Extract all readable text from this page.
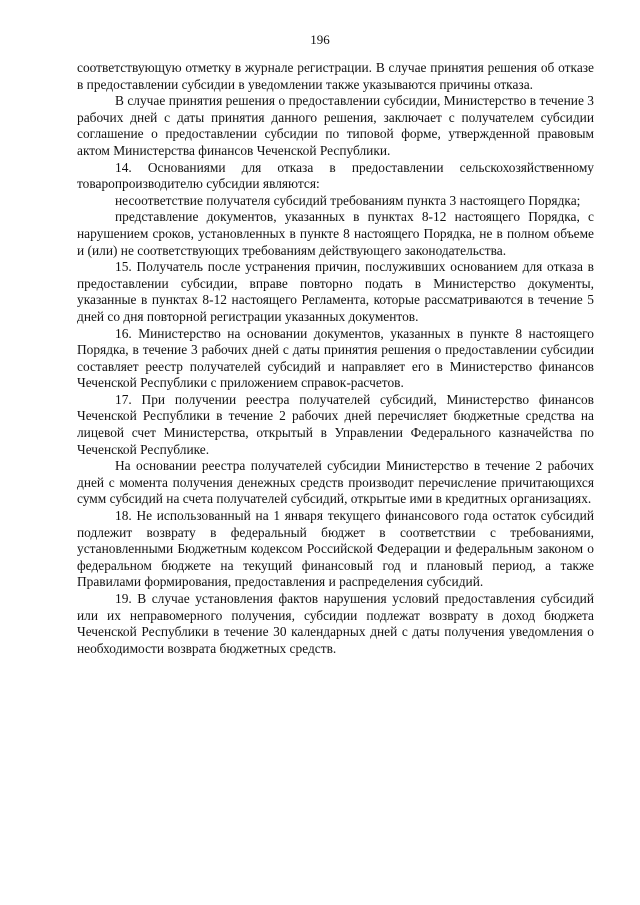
196

соответствующую отметку в журнале регистрации. В случае принятия решения об отказе в предоставлении субсидии в уведомлении также указываются причины отказа.

В случае принятия решения о предоставлении субсидии, Министерство в течение 3 рабочих дней с даты принятия данного решения, заключает с получателем субсидии соглашение о предоставлении субсидии по типовой форме, утвержденной правовым актом Министерства финансов Чеченской Республики.

14. Основаниями для отказа в предоставлении сельскохозяйственному товаропроизводителю субсидии являются:

несоответствие получателя субсидий требованиям пункта 3 настоящего Порядка;

представление документов, указанных в пунктах 8-12 настоящего Порядка, с нарушением сроков, установленных в пункте 8 настоящего Порядка, не в полном объеме и (или) не соответствующих требованиям действующего законодательства.

15. Получатель после устранения причин, послуживших основанием для отказа в предоставлении субсидии, вправе повторно подать в Министерство документы, указанные в пунктах 8-12 настоящего Регламента, которые рассматриваются в течение 5 дней со дня повторной регистрации указанных документов.

16. Министерство на основании документов, указанных в пункте 8 настоящего Порядка, в течение 3 рабочих дней с даты принятия решения о предоставлении субсидии составляет реестр получателей субсидий и направляет его в Министерство финансов Чеченской Республики с приложением справок-расчетов.

17. При получении реестра получателей субсидий, Министерство финансов Чеченской Республики в течение 2 рабочих дней перечисляет бюджетные средства на лицевой счет Министерства, открытый в Управлении Федерального казначейства по Чеченской Республике.

На основании реестра получателей субсидии Министерство в течение 2 рабочих дней с момента получения денежных средств производит перечисление причитающихся сумм субсидий на счета получателей субсидий, открытые ими в кредитных организациях.

18. Не использованный на 1 января текущего финансового года остаток субсидий подлежит возврату в федеральный бюджет в соответствии с требованиями, установленными Бюджетным кодексом Российской Федерации и федеральным законом о федеральном бюджете на текущий финансовый год и плановый период, а также Правилами формирования, предоставления и распределения субсидий.

19. В случае установления фактов нарушения условий предоставления субсидий или их неправомерного получения, субсидии подлежат возврату в доход бюджета Чеченской Республики в течение 30 календарных дней с даты получения уведомления о необходимости возврата бюджетных средств.
